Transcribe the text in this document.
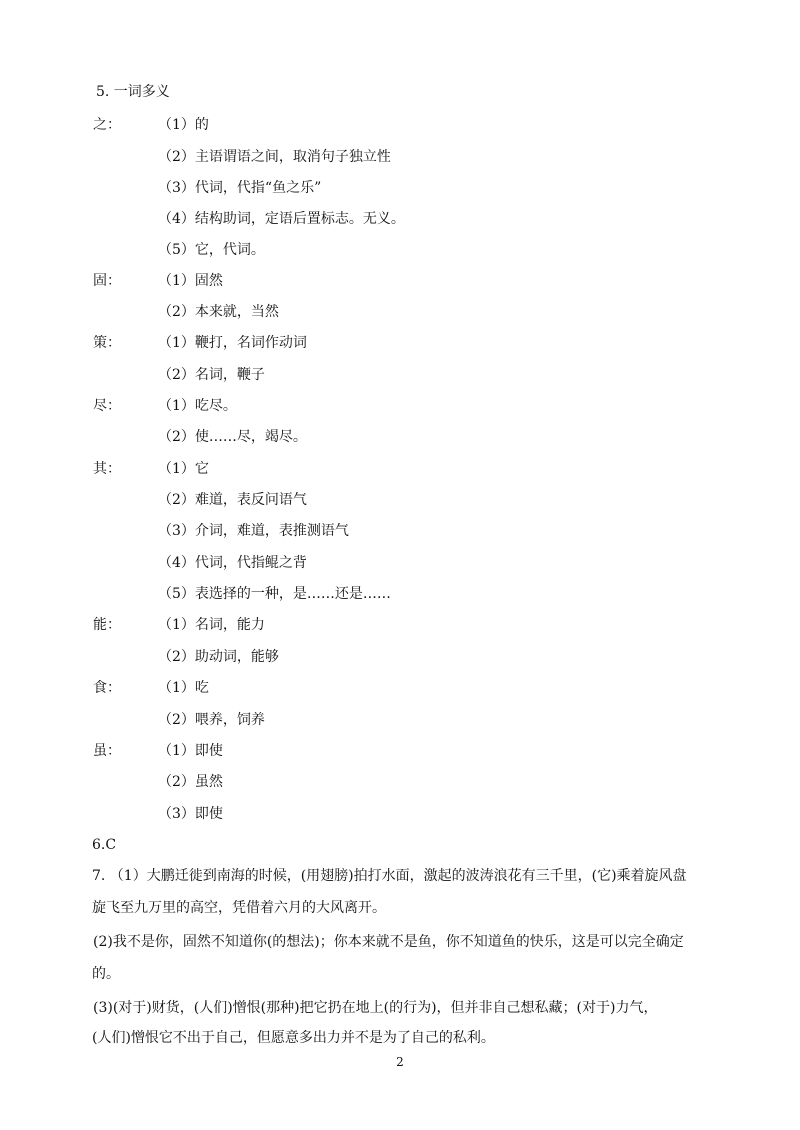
5. 一词多义
之：	（1）的
（2）主语谓语之间，取消句子独立性
（3）代词，代指“鱼之乐”
（4）结构助词，定语后置标志。无义。
（5）它，代词。
固：	（1）固然
（2）本来就，当然
策：	（1）鞭打，名词作动词
（2）名词，鞭子
尽：	（1）吃尽。
（2）使……尽，竭尽。
其：	（1）它
（2）难道，表反问语气
（3）介词，难道，表推测语气
（4）代词，代指鲲之背
（5）表选择的一种，是……还是……
能：	（1）名词，能力
（2）助动词，能够
食：	（1）吃
（2）喂养，饲养
虽：	（1）即使
（2）虽然
（3）即使
6.C
7. （1）大鹏迁徙到南海的时候，(用翅膀)拍打水面，激起的波涛浪花有三千里，(它)乘着旋风盘
旋飞至九万里的高空，凭借着六月的大风离开。
(2)我不是你，固然不知道你(的想法)；你本来就不是鱼，你不知道鱼的快乐，这是可以完全确定
的。
(3)(对于)财货，(人们)憎恨(那种)把它扔在地上(的行为)，但并非自己想私藏；(对于)力气，
(人们)憎恨它不出于自己，但愿意多出力并不是为了自己的私利。
2
